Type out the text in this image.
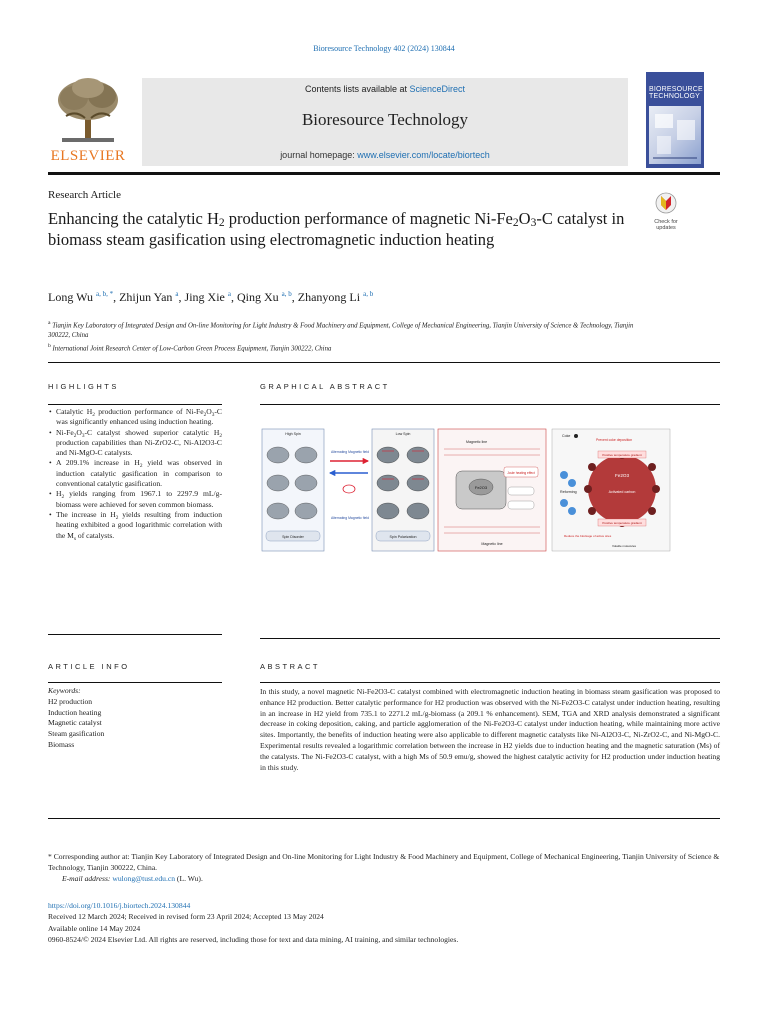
Bioresource Technology 402 (2024) 130844
ELSEVIER
Contents lists available at ScienceDirect
Bioresource Technology
journal homepage: www.elsevier.com/locate/biortech
BIORESOURCE
TECHNOLOGY
Research Article
Check for updates
Enhancing the catalytic $H_2$ production performance of magnetic $Ni-Fe_2O_3-C$ catalyst in biomass steam gasification using electromagnetic induction heating
Long Wu $^{a, b, *}$, Zhijun Yan $^a$, Jing Xie $^a$, Qing Xu $^{a, b}$, Zhanyong Li $^{a, b}$
$^a$ Tianjin Key Laboratory of Integrated Design and On-line Monitoring for Light Industry & Food Machinery and Equipment, College of Mechanical Engineering, Tianjin University of Science & Technology, Tianjin 300222, China
$^b$ International Joint Research Center of Low-Carbon Green Process Equipment, Tianjin 300222, China
HIGHLIGHTS	GRAPHICAL ABSTRACT
• Catalytic $H_2$ production performance of $Ni-Fe_2O_3-C$ was significantly enhanced using induction heating.
• $Ni-Fe_2O_3-C$ catalyst showed superior catalytic $H_2$ production capabilities than Ni-ZrO2-C, Ni-Al2O3-C and Ni-MgO-C catalysts.
• A 209.1% increase in $H_2$ yield was observed in induction catalytic gasification in comparison to conventional catalytic gasification.
• $H_2$ yields ranging from 1967.1 to 2297.9 mL/g-biomass were achieved for seven common biomass.
• The increase in $H_2$ yields resulting from induction heating exhibited a good logarithmic correlation with the $M_s$ of catalysts.
High Spin
Spin Disorder
Alternating Magnetic field
Alternating Magnetic field
Low Spin
Spin Polarization
Magnetic line
Fe2O3
Joule heating effect
Magnetic line
Coke
Prevent coke deposition
Positive temperature gradient
Fe2O3
Activated carbon
Positive temperature gradient
Reforming
Reduce the blockage of active sites
Volatile molecules
ARTICLE INFO	ABSTRACT
Keywords:
H2 production
Induction heating
Magnetic catalyst
Steam gasification
Biomass
In this study, a novel magnetic Ni-Fe2O3-C catalyst combined with electromagnetic induction heating in biomass steam gasification was proposed to enhance H2 production. Better catalytic performance for H2 production was observed with the Ni-Fe2O3-C catalyst under induction heating, resulting in an increase in H2 yield from 735.1 to 2271.2 mL/g-biomass (a 209.1 % enhancement). SEM, TGA and XRD analysis demonstrated a significant decrease in coking deposition, caking, and particle agglomeration of the Ni-Fe2O3-C catalyst under induction heating, while maintaining more active sites. Importantly, the benefits of induction heating were also applicable to different magnetic catalysts like Ni-Al2O3-C, Ni-ZrO2-C, and Ni-MgO-C. Experimental results revealed a logarithmic correlation between the increase in H2 yields due to induction heating and the magnetic saturation (Ms) of the catalysts. The Ni-Fe2O3-C catalyst, with a high Ms of 50.9 emu/g, showed the highest catalytic activity for H2 production under induction heating in this study.
* Corresponding author at: Tianjin Key Laboratory of Integrated Design and On-line Monitoring for Light Industry & Food Machinery and Equipment, College of Mechanical Engineering, Tianjin University of Science & Technology, Tianjin 300222, China.
E-mail address: wulong@tust.edu.cn (L. Wu).
https://doi.org/10.1016/j.biortech.2024.130844
Received 12 March 2024; Received in revised form 23 April 2024; Accepted 13 May 2024
Available online 14 May 2024
0960-8524/© 2024 Elsevier Ltd. All rights are reserved, including those for text and data mining, AI training, and similar technologies.
